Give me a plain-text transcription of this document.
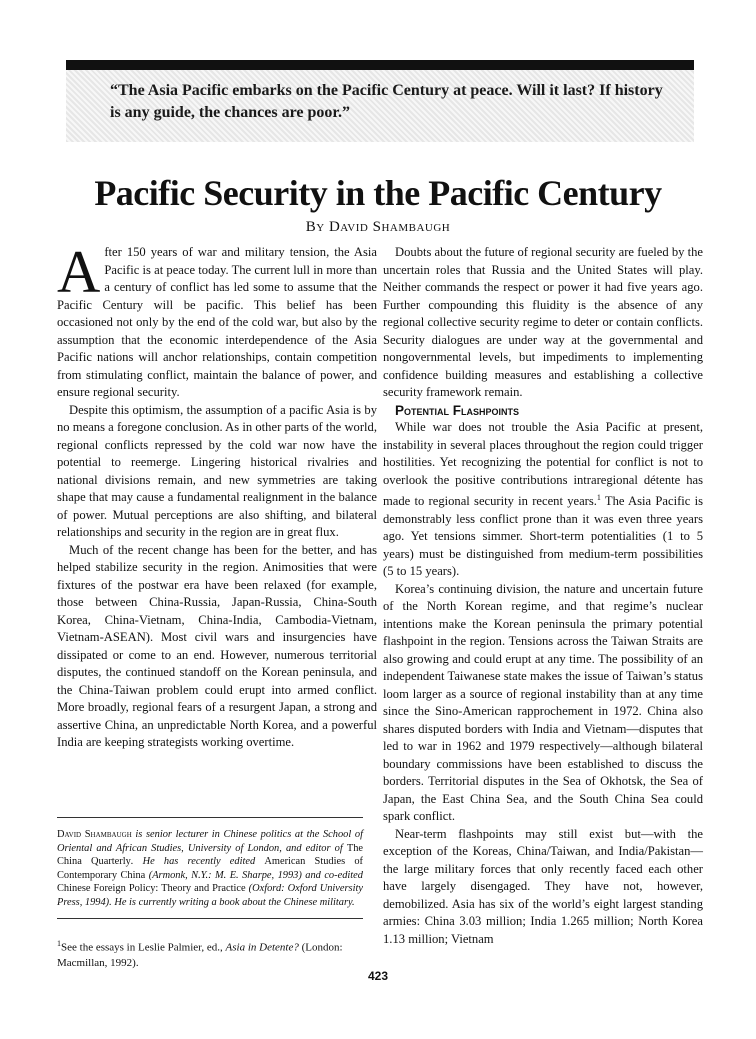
“The Asia Pacific embarks on the Pacific Century at peace. Will it last? If history is any guide, the chances are poor.”

Pacific Security in the Pacific Century

By David Shambaugh

After 150 years of war and military tension, the Asia Pacific is at peace today. The current lull in more than a century of conflict has led some to assume that the Pacific Century will be pacific. This belief has been occasioned not only by the end of the cold war, but also by the assumption that the economic interdependence of the Asia Pacific nations will anchor relationships, contain competition from stimulating conflict, maintain the balance of power, and ensure regional security.

Despite this optimism, the assumption of a pacific Asia is by no means a foregone conclusion. As in other parts of the world, regional conflicts repressed by the cold war now have the potential to reemerge. Lingering historical rivalries and national divisions remain, and new symmetries are taking shape that may cause a fundamental realignment in the balance of power. Mutual perceptions are also shifting, and bilateral relationships and security in the region are in great flux.

Much of the recent change has been for the better, and has helped stabilize security in the region. Animosities that were fixtures of the postwar era have been relaxed (for example, those between China-Russia, Japan-Russia, China-South Korea, China-Vietnam, China-India, Cambodia-Vietnam, Vietnam-ASEAN). Most civil wars and insurgencies have dissipated or come to an end. However, numerous territorial disputes, the continued standoff on the Korean peninsula, and the China-Taiwan problem could erupt into armed conflict. More broadly, regional fears of a resurgent Japan, a strong and assertive China, an unpredictable North Korea, and a powerful India are keeping strategists working overtime.

David Shambaugh is senior lecturer in Chinese politics at the School of Oriental and African Studies, University of London, and editor of The China Quarterly. He has recently edited American Studies of Contemporary China (Armonk, N.Y.: M. E. Sharpe, 1993) and co-edited Chinese Foreign Policy: Theory and Practice (Oxford: Oxford University Press, 1994). He is currently writing a book about the Chinese military.

$^1$See the essays in Leslie Palmier, ed., Asia in Detente? (London: Macmillan, 1992).

Doubts about the future of regional security are fueled by the uncertain roles that Russia and the United States will play. Neither commands the respect or power it had five years ago. Further compounding this fluidity is the absence of any regional collective security regime to deter or contain conflicts. Security dialogues are under way at the governmental and nongovernmental levels, but impediments to implementing confidence building measures and establishing a collective security framework remain.

Potential Flashpoints

While war does not trouble the Asia Pacific at present, instability in several places throughout the region could trigger hostilities. Yet recognizing the potential for conflict is not to overlook the positive contributions intraregional détente has made to regional security in recent years.$^1$ The Asia Pacific is demonstrably less conflict prone than it was even three years ago. Yet tensions simmer. Short-term potentialities (1 to 5 years) must be distinguished from medium-term possibilities (5 to 15 years).

Korea’s continuing division, the nature and uncertain future of the North Korean regime, and that regime’s nuclear intentions make the Korean peninsula the primary potential flashpoint in the region. Tensions across the Taiwan Straits are also growing and could erupt at any time. The possibility of an independent Taiwanese state makes the issue of Taiwan’s status loom larger as a source of regional instability than at any time since the Sino-American rapprochement in 1972. China also shares disputed borders with India and Vietnam—disputes that led to war in 1962 and 1979 respectively—although bilateral boundary commissions have been established to discuss the borders. Territorial disputes in the Sea of Okhotsk, the Sea of Japan, the East China Sea, and the South China Sea could spark conflict.

Near-term flashpoints may still exist but—with the exception of the Koreas, China/Taiwan, and India/Pakistan—the large military forces that only recently faced each other have largely disengaged. They have not, however, demobilized. Asia has six of the world’s eight largest standing armies: China 3.03 million; India 1.265 million; North Korea 1.13 million; Vietnam

423
